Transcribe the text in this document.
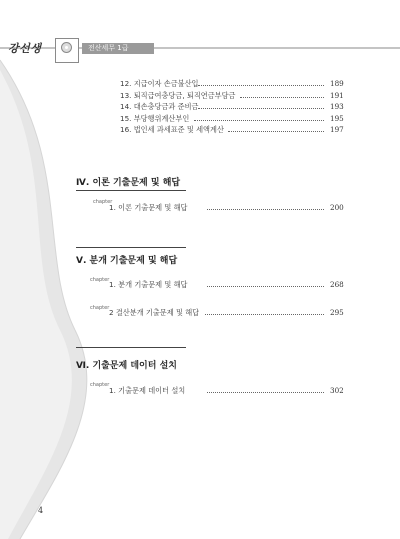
강선생	전산세무 1급
12. 지급이자 손금불산입	189
13. 퇴직급여충당금, 퇴직연금부담금	191
14. 대손충당금과 준비금	193
15. 부당행위계산부인	195
16. 법인세 과세표준 및 세액계산	197
Ⅳ. 이론 기출문제 및 해답
chapter
1. 이론 기출문제 및 해답	200
Ⅴ. 분개 기출문제 및 해답
chapter 1. 분개 기출문제 및 해답	268
chapter 2 결산분개 기출문제 및 해답	295
Ⅵ. 기출문제 데이터 설치
chapter
1. 기출문제 데이터 설치	302
4
